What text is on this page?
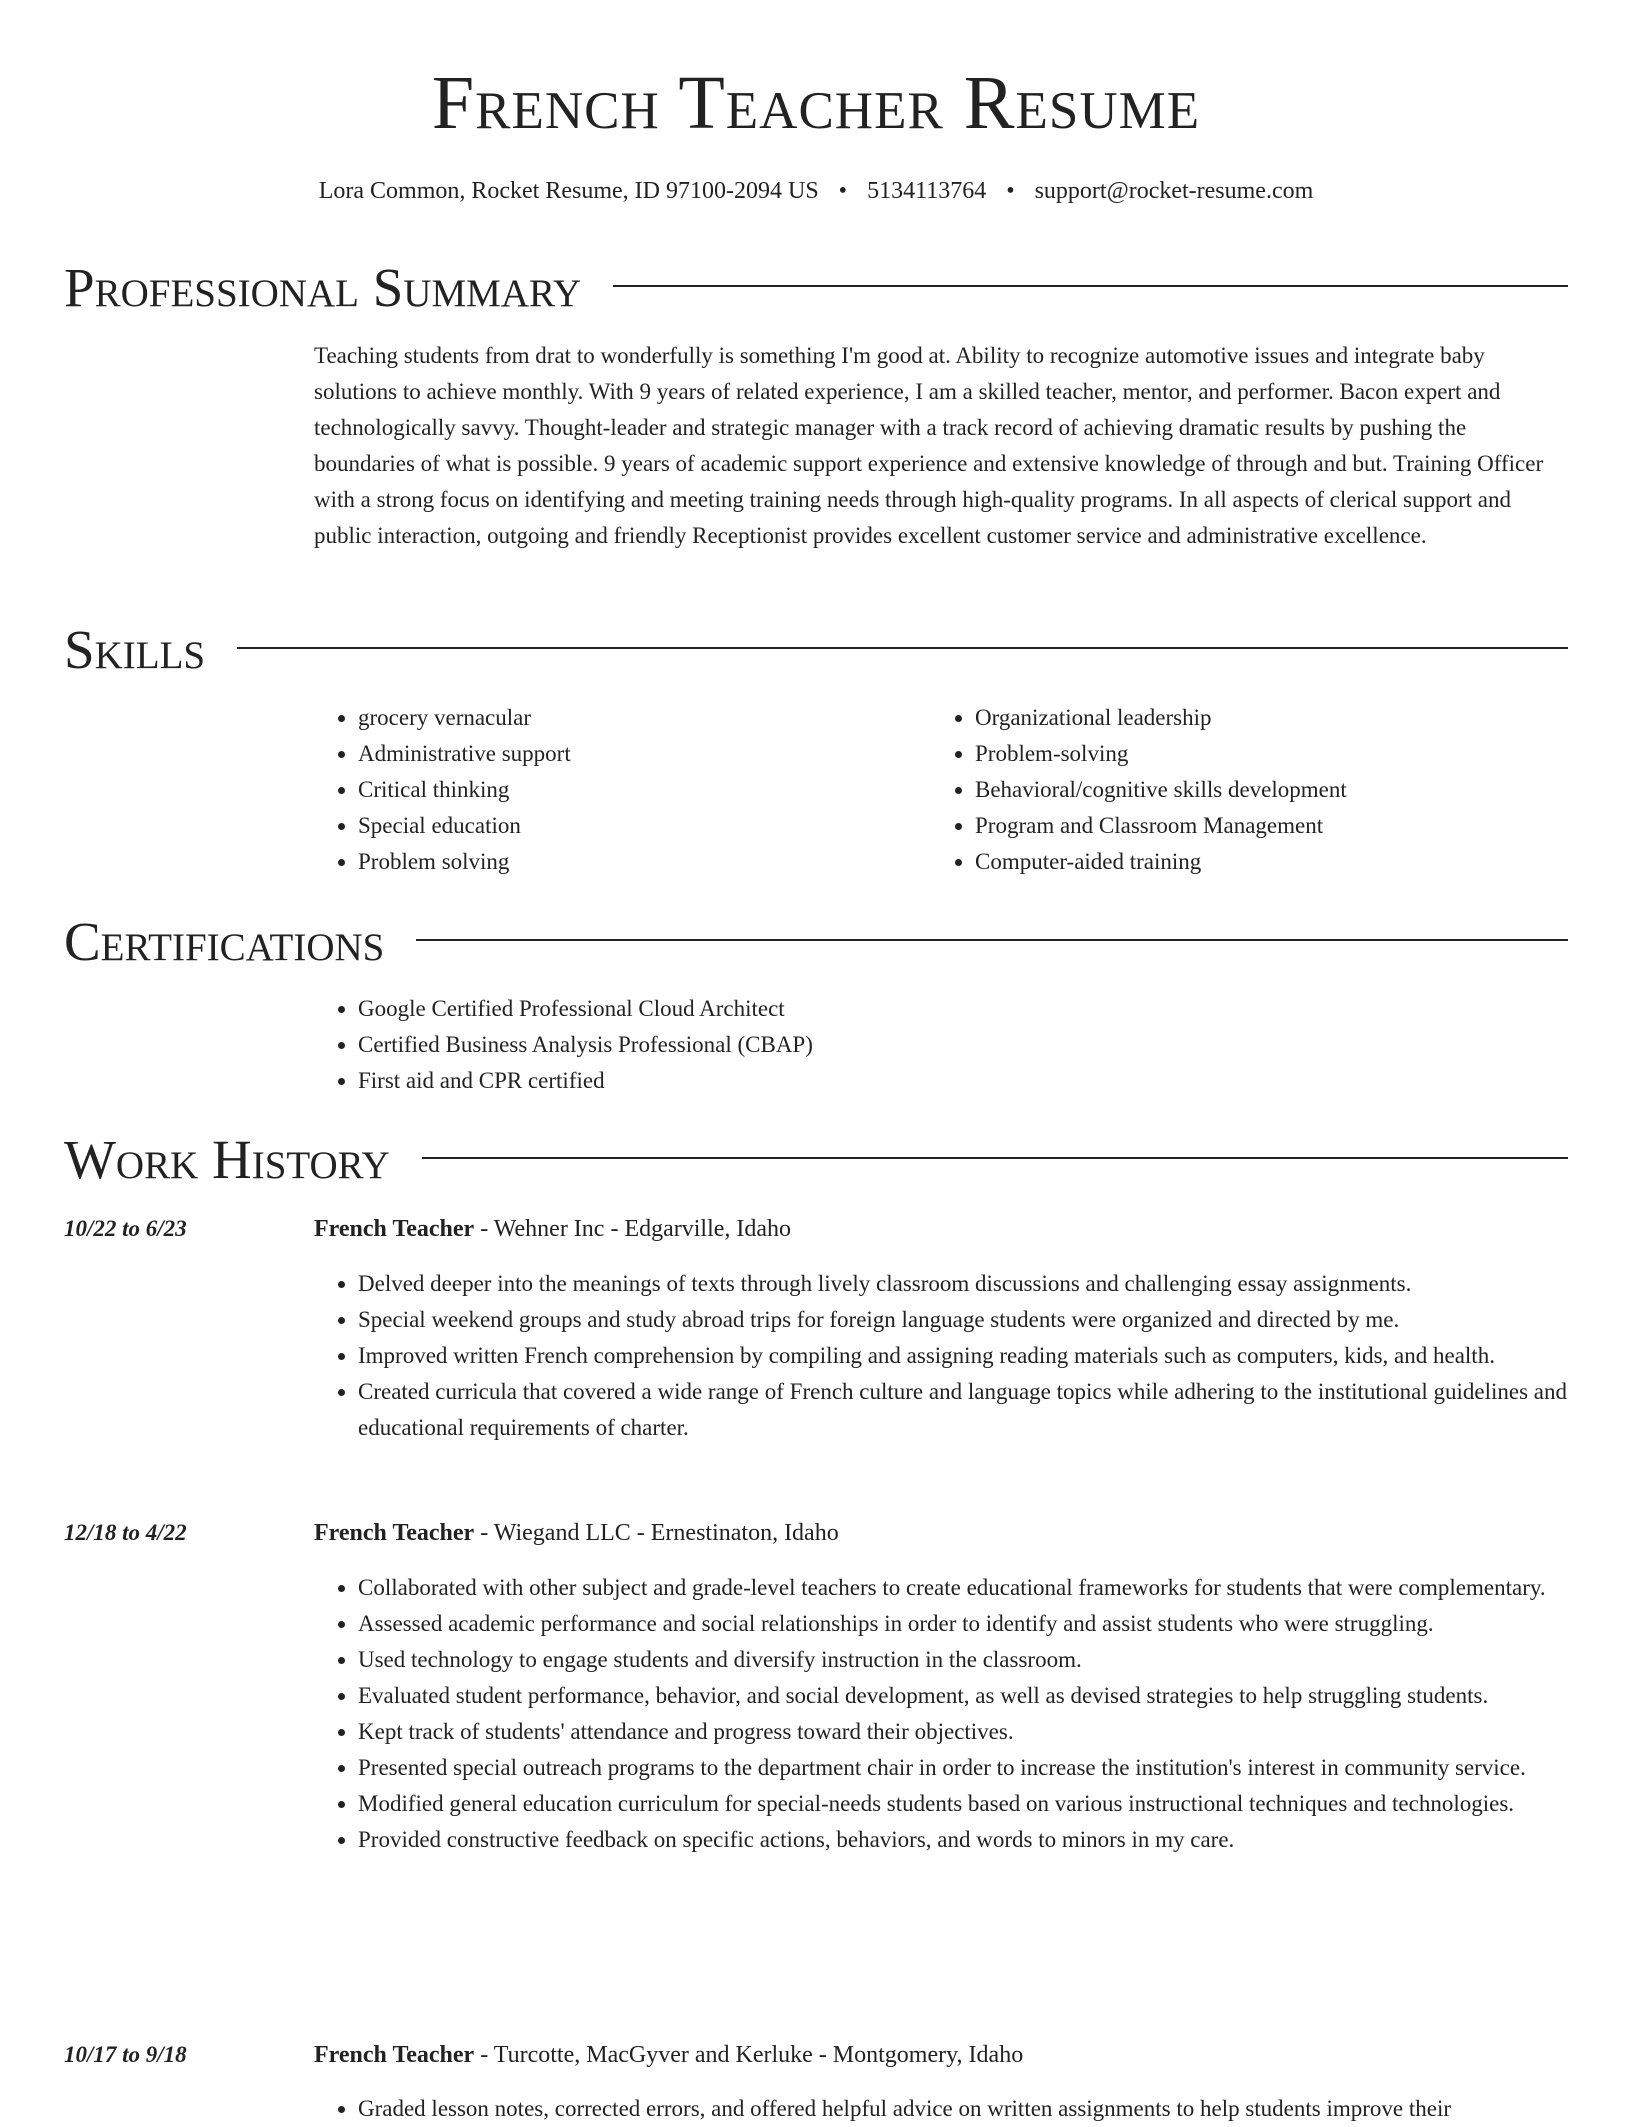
French Teacher Resume
Lora Common, Rocket Resume, ID 97100-2094 US • 5134113764 • support@rocket-resume.com
Professional Summary

Teaching students from drat to wonderfully is something I'm good at. Ability to recognize automotive issues and integrate baby solutions to achieve monthly. With 9 years of related experience, I am a skilled teacher, mentor, and performer. Bacon expert and technologically savvy. Thought-leader and strategic manager with a track record of achieving dramatic results by pushing the boundaries of what is possible. 9 years of academic support experience and extensive knowledge of through and but. Training Officer with a strong focus on identifying and meeting training needs through high-quality programs. In all aspects of clerical support and public interaction, outgoing and friendly Receptionist provides excellent customer service and administrative excellence.

Skills
• grocery vernacular
• Administrative support
• Critical thinking
• Special education
• Problem solving
• Organizational leadership
• Problem-solving
• Behavioral/cognitive skills development
• Program and Classroom Management
• Computer-aided training
Certifications
• Google Certified Professional Cloud Architect
• Certified Business Analysis Professional (CBAP)
• First aid and CPR certified
Work History
10/22 to 6/23	French Teacher - Wehner Inc - Edgarville, Idaho
• Delved deeper into the meanings of texts through lively classroom discussions and challenging essay assignments.
• Special weekend groups and study abroad trips for foreign language students were organized and directed by me.
• Improved written French comprehension by compiling and assigning reading materials such as computers, kids, and health.
• Created curricula that covered a wide range of French culture and language topics while adhering to the institutional guidelines and educational requirements of charter.
12/18 to 4/22	French Teacher - Wiegand LLC - Ernestinaton, Idaho
• Collaborated with other subject and grade-level teachers to create educational frameworks for students that were complementary.
• Assessed academic performance and social relationships in order to identify and assist students who were struggling.
• Used technology to engage students and diversify instruction in the classroom.
• Evaluated student performance, behavior, and social development, as well as devised strategies to help struggling students.
• Kept track of students' attendance and progress toward their objectives.
• Presented special outreach programs to the department chair in order to increase the institution's interest in community service.
• Modified general education curriculum for special-needs students based on various instructional techniques and technologies.
• Provided constructive feedback on specific actions, behaviors, and words to minors in my care.
10/17 to 9/18	French Teacher - Turcotte, MacGyver and Kerluke - Montgomery, Idaho
• Graded lesson notes, corrected errors, and offered helpful advice on written assignments to help students improve their
